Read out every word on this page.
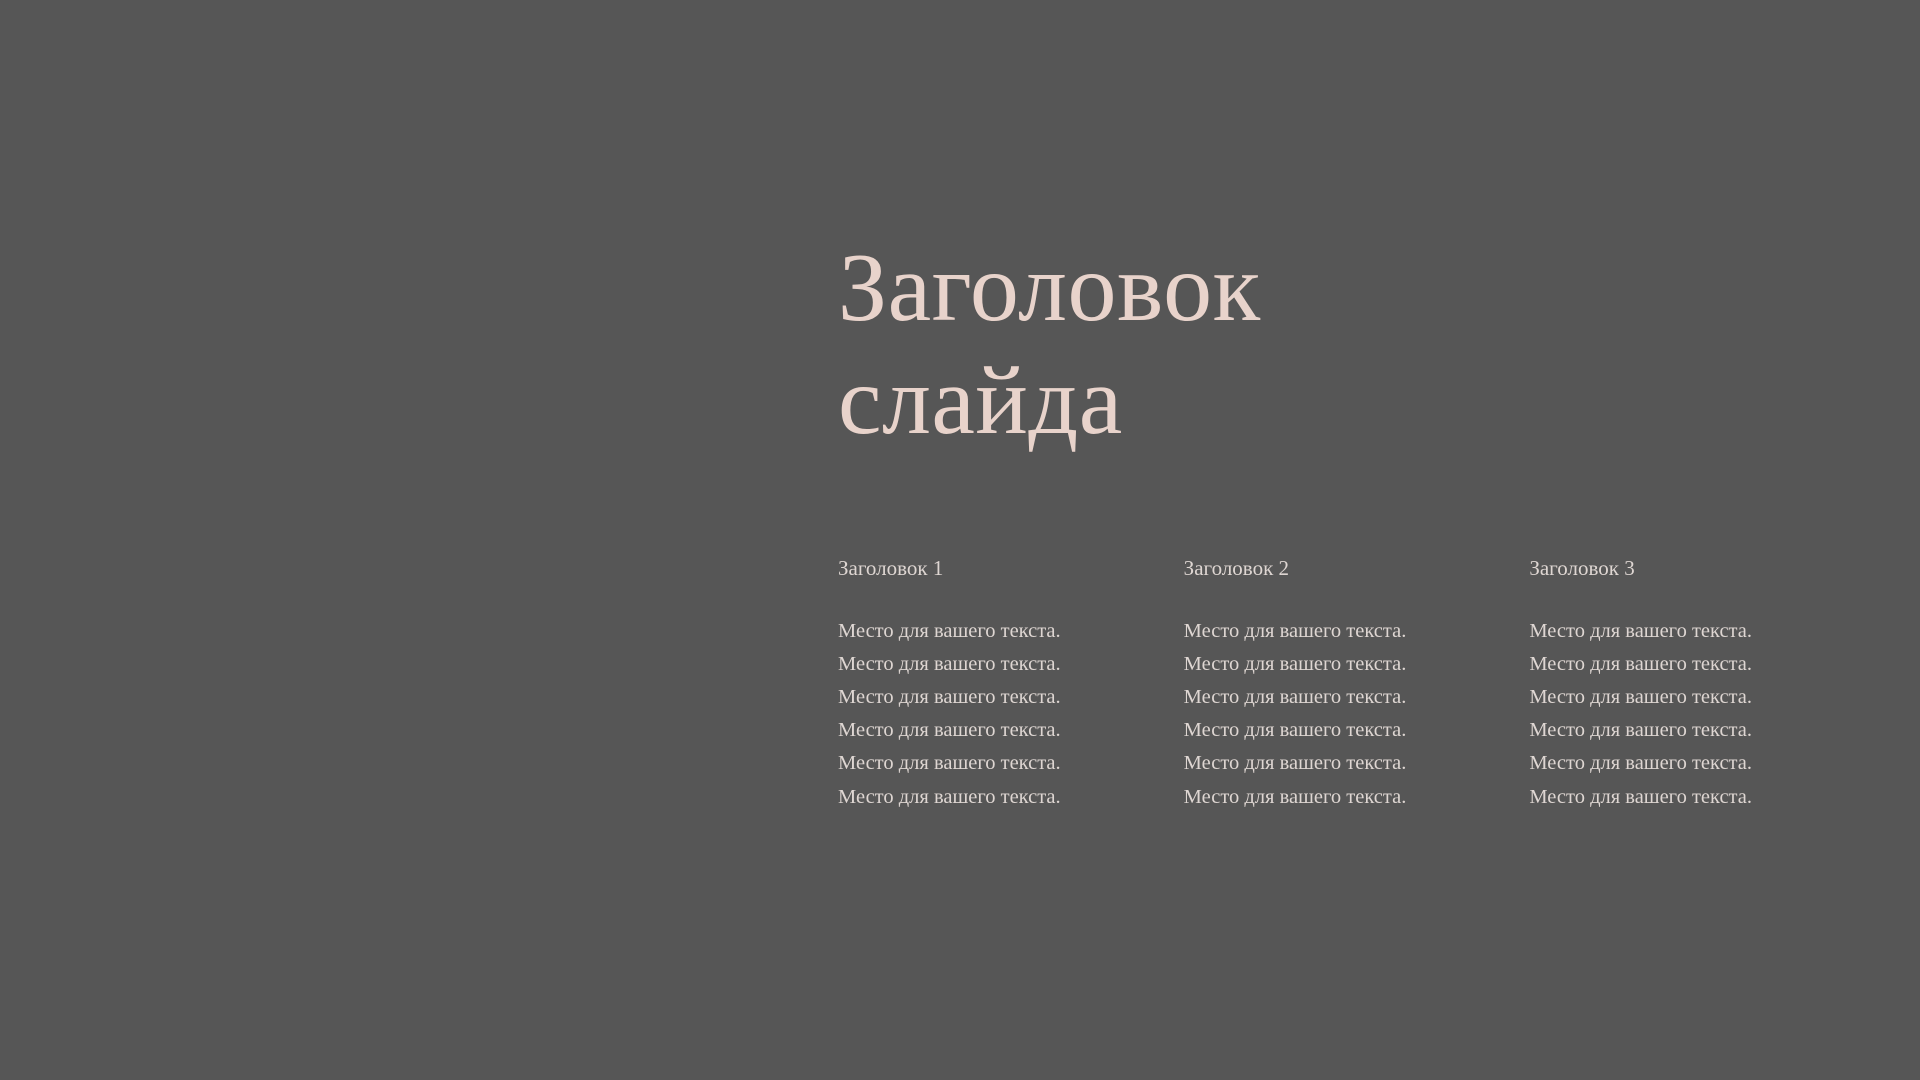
Заголовок слайда
Заголовок 1

Место для вашего текста. Место для вашего текста. Место для вашего текста. Место для вашего текста. Место для вашего текста. Место для вашего текста.

Заголовок 2

Место для вашего текста. Место для вашего текста. Место для вашего текста. Место для вашего текста. Место для вашего текста. Место для вашего текста.

Заголовок 3

Место для вашего текста. Место для вашего текста. Место для вашего текста. Место для вашего текста. Место для вашего текста. Место для вашего текста.
